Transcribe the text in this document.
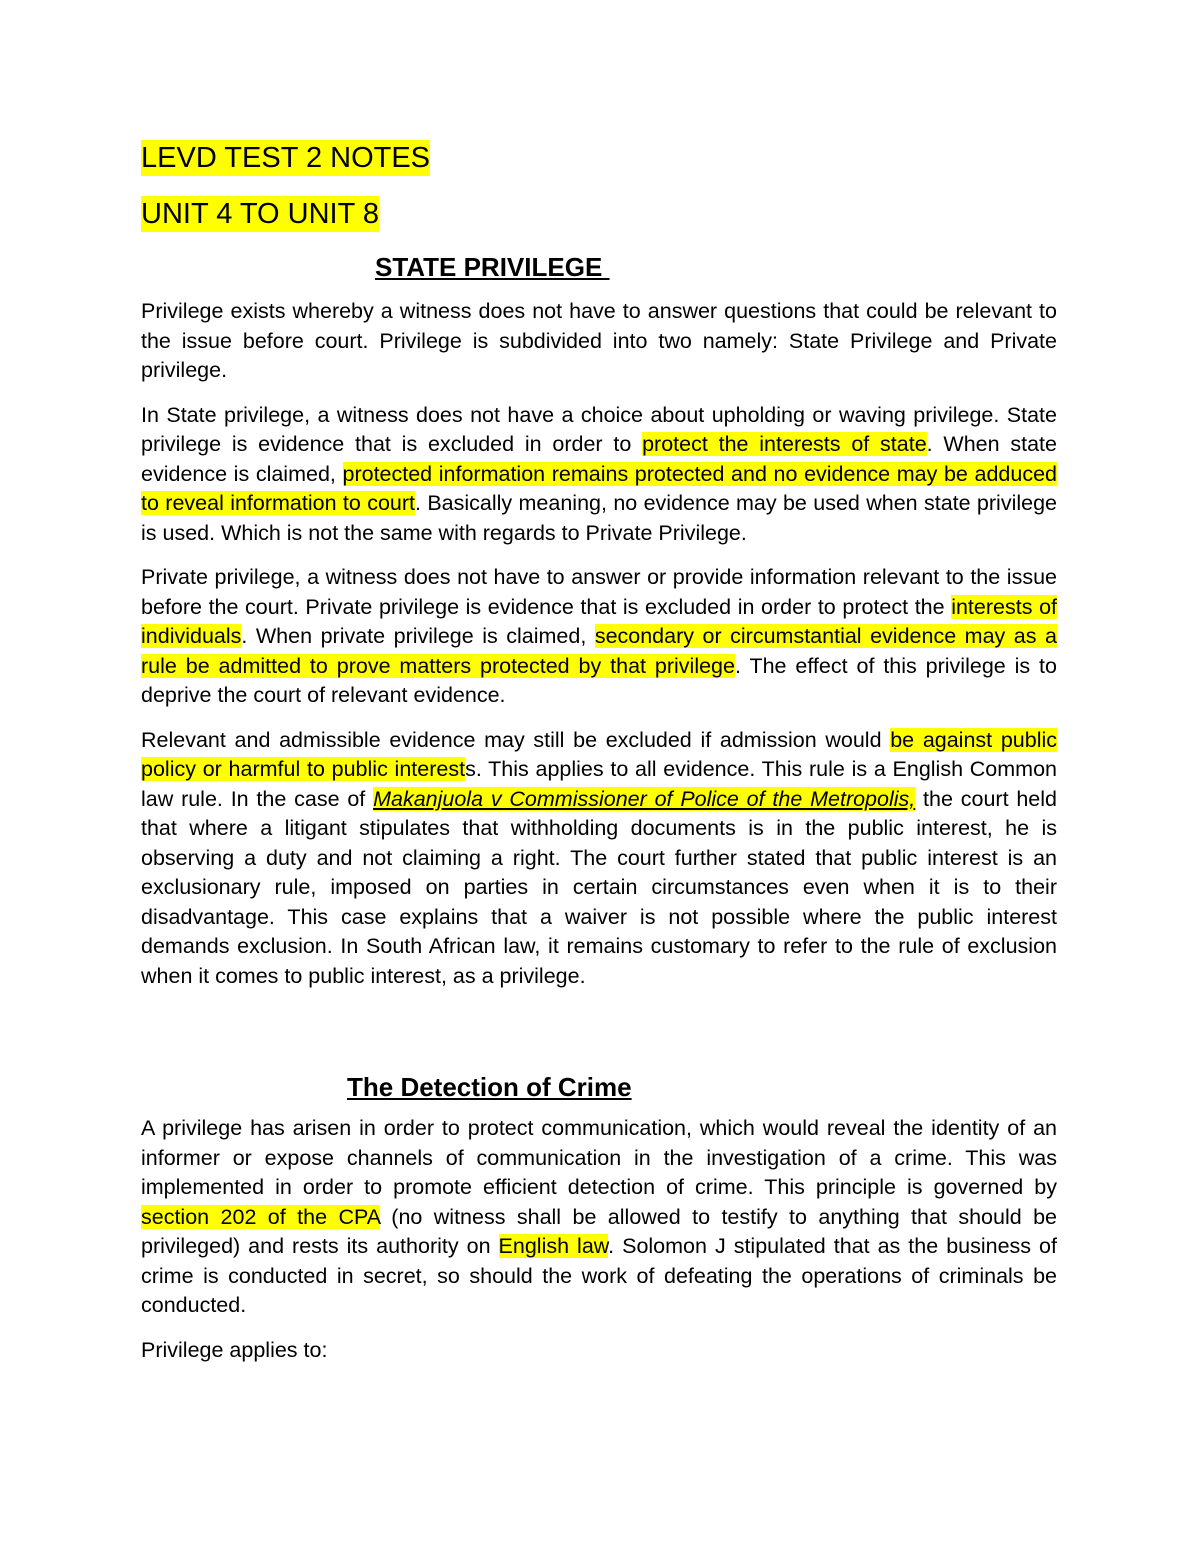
LEVD TEST 2 NOTES
UNIT 4 TO UNIT 8
STATE PRIVILEGE

Privilege exists whereby a witness does not have to answer questions that could be relevant to the issue before court. Privilege is subdivided into two namely: State Privilege and Private privilege.

In State privilege, a witness does not have a choice about upholding or waving privilege. State privilege is evidence that is excluded in order to protect the interests of state. When state evidence is claimed, protected information remains protected and no evidence may be adduced to reveal information to court. Basically meaning, no evidence may be used when state privilege is used. Which is not the same with regards to Private Privilege.

Private privilege, a witness does not have to answer or provide information relevant to the issue before the court. Private privilege is evidence that is excluded in order to protect the interests of individuals. When private privilege is claimed, secondary or circumstantial evidence may as a rule be admitted to prove matters protected by that privilege. The effect of this privilege is to deprive the court of relevant evidence.

Relevant and admissible evidence may still be excluded if admission would be against public policy or harmful to public interests. This applies to all evidence. This rule is a English Common law rule. In the case of Makanjuola v Commissioner of Police of the Metropolis, the court held that where a litigant stipulates that withholding documents is in the public interest, he is observing a duty and not claiming a right. The court further stated that public interest is an exclusionary rule, imposed on parties in certain circumstances even when it is to their disadvantage. This case explains that a waiver is not possible where the public interest demands exclusion. In South African law, it remains customary to refer to the rule of exclusion when it comes to public interest, as a privilege.

The Detection of Crime

A privilege has arisen in order to protect communication, which would reveal the identity of an informer or expose channels of communication in the investigation of a crime. This was implemented in order to promote efficient detection of crime. This principle is governed by section 202 of the CPA (no witness shall be allowed to testify to anything that should be privileged) and rests its authority on English law. Solomon J stipulated that as the business of crime is conducted in secret, so should the work of defeating the operations of criminals be conducted.

Privilege applies to:
